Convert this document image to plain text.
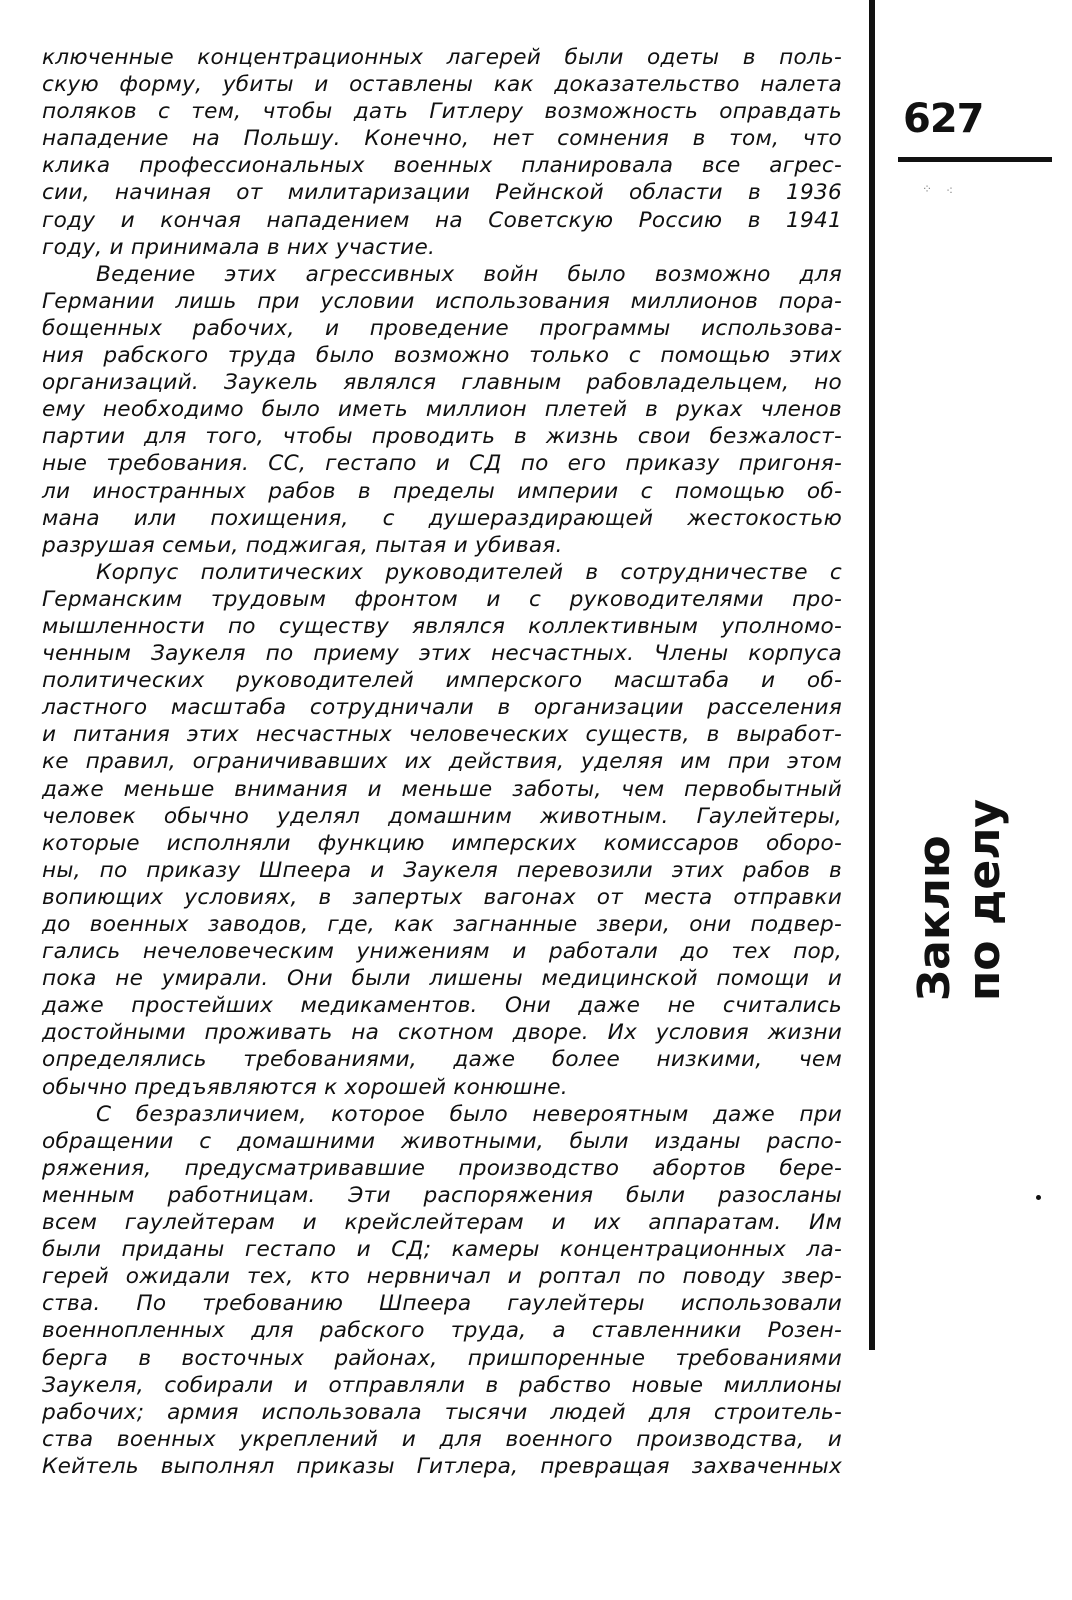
ключенные концентрационных лагерей были одеты в поль-
скую форму, убиты и оставлены как доказательство налета
поляков с тем, чтобы дать Гитлеру возможность оправдать
нападение на Польшу. Конечно, нет сомнения в том, что
клика профессиональных военных планировала все агрес-
сии, начиная от милитаризации Рейнской области в 1936
году и кончая нападением на Советскую Россию в 1941
году, и принимала в них участие.
Ведение этих агрессивных войн было возможно для
Германии лишь при условии использования миллионов пора-
бощенных рабочих, и проведение программы использова-
ния рабского труда было возможно только с помощью этих
организаций. Заукель являлся главным рабовладельцем, но
ему необходимо было иметь миллион плетей в руках членов
партии для того, чтобы проводить в жизнь свои безжалост-
ные требования. СС, гестапо и СД по его приказу пригоня-
ли иностранных рабов в пределы империи с помощью об-
мана или похищения, с душераздирающей жестокостью
разрушая семьи, поджигая, пытая и убивая.
Корпус политических руководителей в сотрудничестве с
Германским трудовым фронтом и с руководителями про-
мышленности по существу являлся коллективным уполномо-
ченным Заукеля по приему этих несчастных. Члены корпуса
политических руководителей имперского масштаба и об-
ластного масштаба сотрудничали в организации расселения
и питания этих несчастных человеческих существ, в выработ-
ке правил, ограничивавших их действия, уделяя им при этом
даже меньше внимания и меньше заботы, чем первобытный
человек обычно уделял домашним животным. Гаулейтеры,
которые исполняли функцию имперских комиссаров оборо-
ны, по приказу Шпеера и Заукеля перевозили этих рабов в
вопиющих условиях, в запертых вагонах от места отправки
до военных заводов, где, как загнанные звери, они подвер-
гались нечеловеческим унижениям и работали до тех пор,
пока не умирали. Они были лишены медицинской помощи и
даже простейших медикаментов. Они даже не считались
достойными проживать на скотном дворе. Их условия жизни
определялись требованиями, даже более низкими, чем
обычно предъявляются к хорошей конюшне.
С безразличием, которое было невероятным даже при
обращении с домашними животными, были изданы распо-
ряжения, предусматривавшие производство абортов бере-
менным работницам. Эти распоряжения были разосланы
всем гаулейтерам и крейслейтерам и их аппаратам. Им
были приданы гестапо и СД; камеры концентрационных ла-
герей ожидали тех, кто нервничал и роптал по поводу звер-
ства. По требованию Шпеера гаулейтеры использовали
военнопленных для рабского труда, а ставленники Розен-
берга в восточных районах, пришпоренные требованиями
Заукеля, собирали и отправляли в рабство новые миллионы
рабочих; армия использовала тысячи людей для строитель-
ства военных укреплений и для военного производства, и
Кейтель выполнял приказы Гитлера, превращая захваченных
627
⁘ ⁖
Заклю по делу
